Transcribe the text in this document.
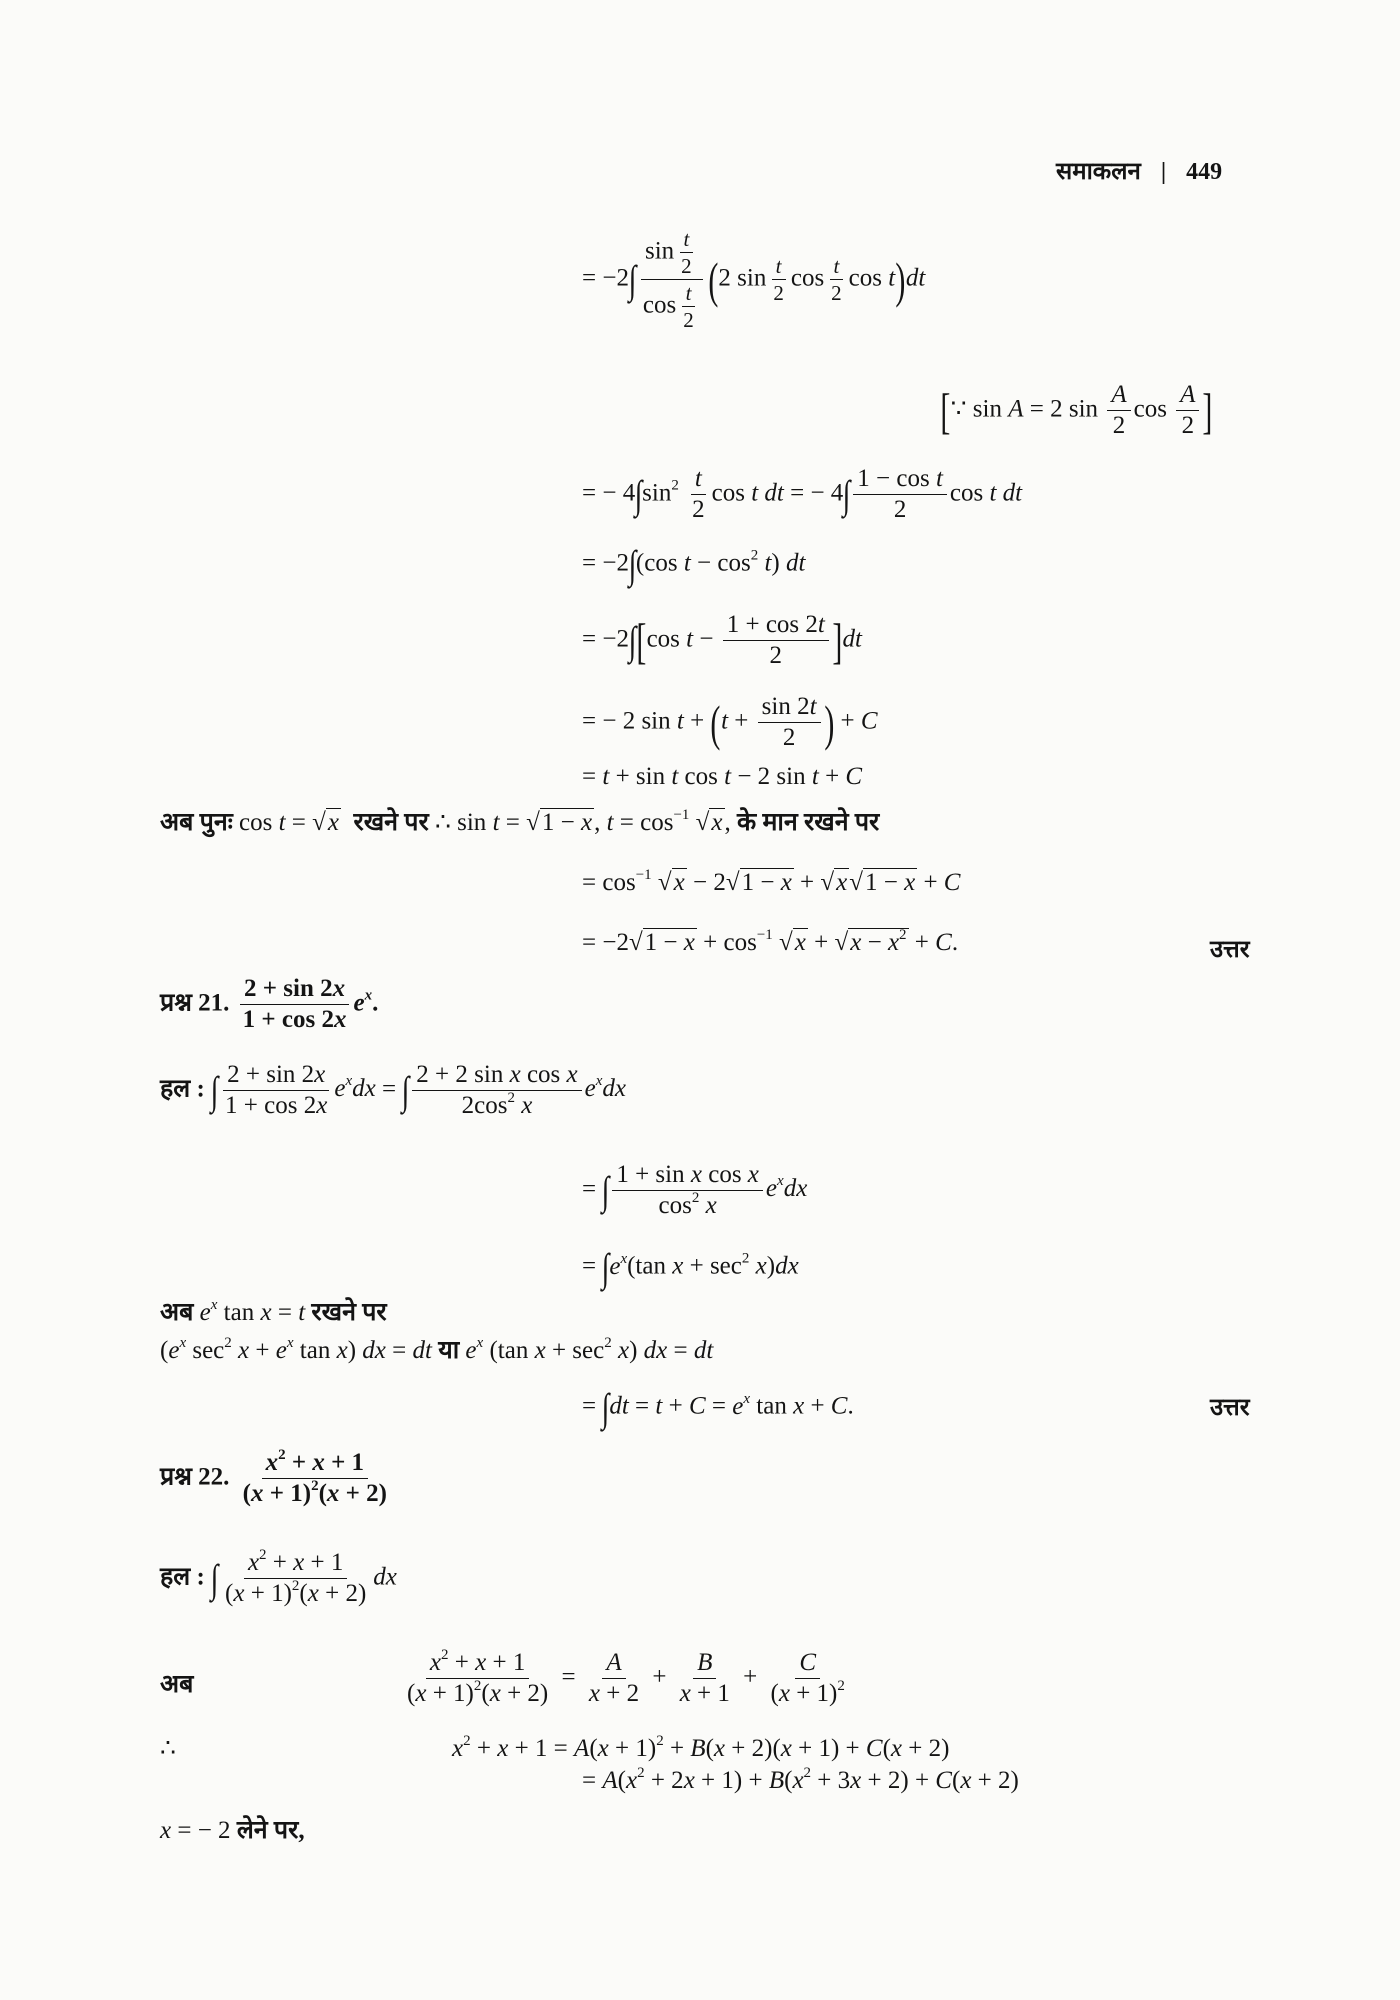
समाकलन | 449
= $-2\int \frac{\sin \frac{t}{2}}{\cos \frac{t}{2}} (2$ $\sin \frac{t}{2}$ $\cos \frac{t}{2}$ cos t)dt
[∵ sin A = 2 $\sin \frac{A}{2}$ $\cos \frac{A}{2}$ ]
= − $4\int\sin^2 \frac{t}{2}$ cos t dt = − $4\int \frac{\text{1 − cos t}}{2}$ cos t dt
= −2∫(cos $t - \cos^2 t$) dt
= −2∫[cos $t - \frac{1 + \cos 2t}{2} ]dt$
= − 2 $\sin t + (t + \frac{\sin 2t}{2}$ ) + C
= t + sin t cos t − 2 sin t + C
अब पुनः cos t = √x  रखने पर ∴ sin t = √1 − x, $t = \cos^{-1} √x$, के मान रखने पर
= $\cos^{-1} √x - 2√1 - x + √x√1 - x + C$
= $-2√1 - x + \cos^{-1} √x + √x - x^2 + C$.	उत्तर
प्रश्न 21. $\frac{2 + \sin 2x}{1 + \cos 2x} e^x$.
हल : ∫ $\frac{2 + \sin 2x}{1 + \cos 2x} e^xdx$ = ∫ $\frac{\text{2 + 2 sin x cos x}}{2\cos^2 x} e^xdx$
= ∫ $\frac{\text{1 + sin x cos x}}{\cos^2 x} e^xdx$
= $\int e^x(\tan$ $x + \sec^2 x)dx$
अब $e^x$ tan x = t रखने पर
($e^x$ $\sec^2 x + e^x$ tan x) dx = dt या $e^x$ (tan $x + \sec^2 x$) dx = dt
= $\int dt = t + C = e^x$ tan x + C.	उत्तर
प्रश्न 22. $\frac{x^2 + x + 1}{(x + 1)^2(x + 2)}$
हल : ∫ $\frac{x^2 + x + 1}{(x + 1)^2(x + 2)}$ dx
अब	$\frac{x^2 + x + 1}{(x + 1)^2(x + 2)} = \frac{A}{x + 2} + \frac{B}{x + 1} + \frac{C}{(x + 1)^2}$
∴	$x^2 + x + 1 = A(x + 1)^2 + B(x + 2)(x + 1) + C(x + 2)$
= $A(x^2 + 2x + 1) + B(x^2 + 3x + 2) + C(x + 2)$
x = − 2 लेने पर,
